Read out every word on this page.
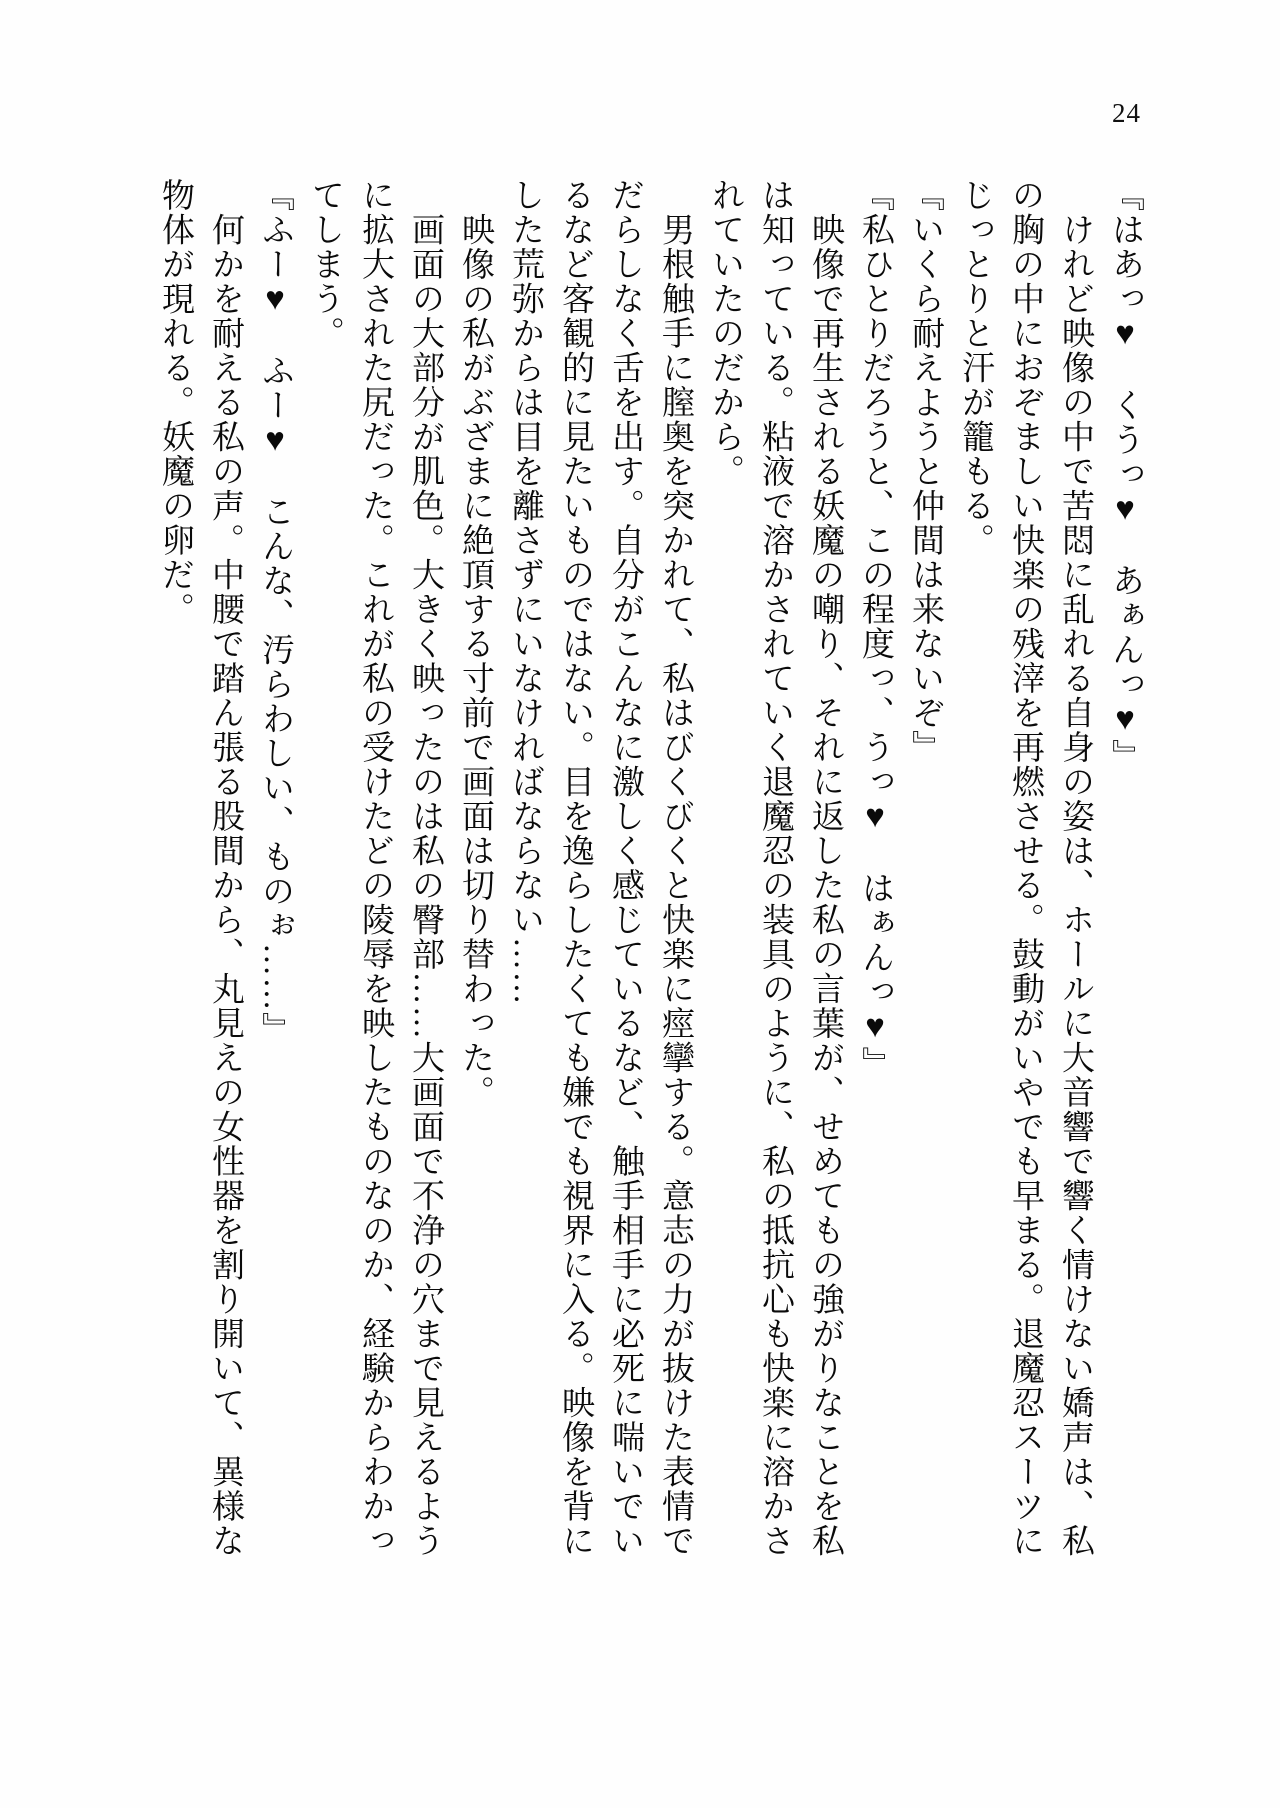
24

『はあっ♥　くうっ♥　あぁんっ♥』

　けれど映像の中で苦悶に乱れる自身の姿は、ホールに大音響で響く情けない嬌声は、私

の胸の中におぞましい快楽の残滓を再燃させる。鼓動がいやでも早まる。退魔忍スーツに

じっとりと汗が籠もる。

『いくら耐えようと仲間は来ないぞ』

『私ひとりだろうと、この程度っ、うっ♥　はぁんっ♥』

　映像で再生される妖魔の嘲り、それに返した私の言葉が、せめてもの強がりなことを私

は知っている。粘液で溶かされていく退魔忍の装具のように、私の抵抗心も快楽に溶かさ

れていたのだから。

　男根触手に膣奥を突かれて、私はびくびくと快楽に痙攣する。意志の力が抜けた表情で

だらしなく舌を出す。自分がこんなに激しく感じているなど、触手相手に必死に喘いでい

るなど客観的に見たいものではない。目を逸らしたくても嫌でも視界に入る。映像を背に

した荒弥からは目を離さずにいなければならない……

　映像の私がぶざまに絶頂する寸前で画面は切り替わった。

　画面の大部分が肌色。大きく映ったのは私の臀部……大画面で不浄の穴まで見えるよう

に拡大された尻だった。これが私の受けたどの陵辱を映したものなのか、経験からわかっ

てしまう。

『ふー♥　ふー♥　こんな、汚らわしい、ものぉ……』

　何かを耐える私の声。中腰で踏ん張る股間から、丸見えの女性器を割り開いて、異様な

物体が現れる。妖魔の卵だ。
